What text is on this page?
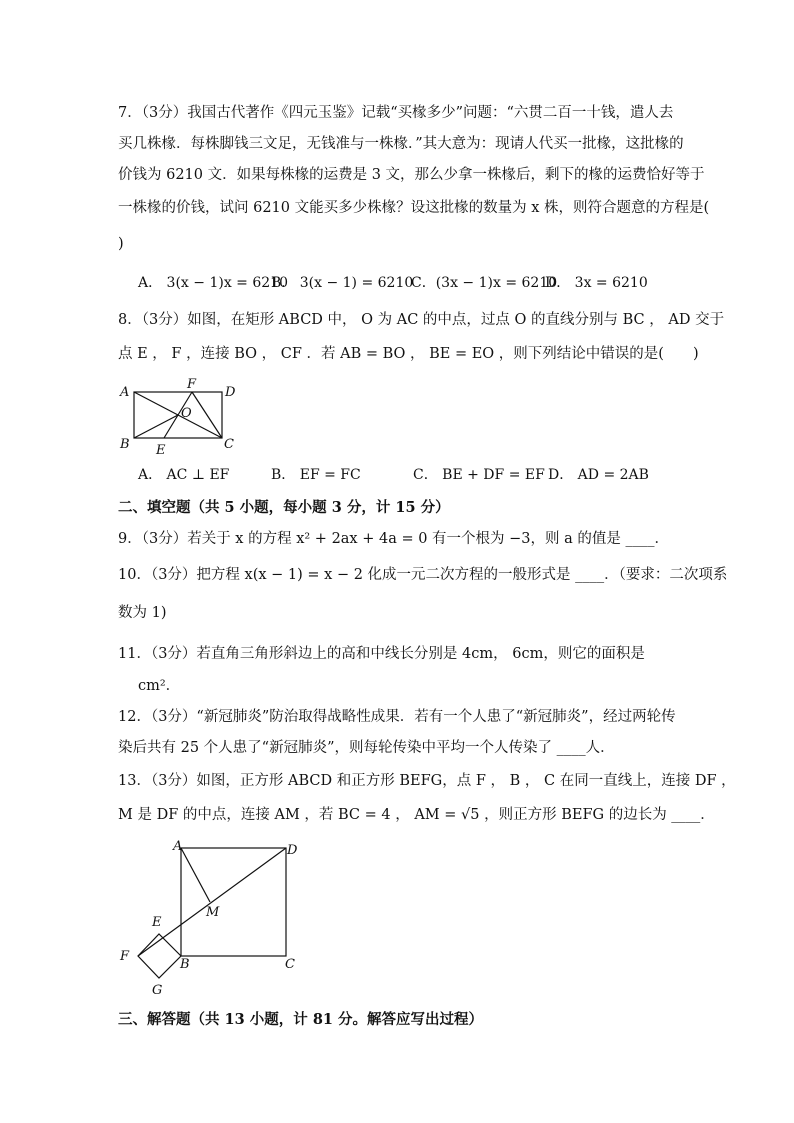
7．（3分）我国古代著作《四元玉鉴》记载“买椽多少”问题：“六贯二百一十钱，遣人去
买几株椽．每株脚钱三文足，无钱准与一株椽．”其大意为：现请人代买一批椽，这批椽的
价钱为 6210 文．如果每株椽的运费是 3 文，那么少拿一株椽后，剩下的椽的运费恰好等于
一株椽的价钱，试问 6210 文能买多少株椽？设这批椽的数量为 x 株，则符合题意的方程是(
)
A． 3(x − 1)x = 6210
B． 3(x − 1) = 6210
C．(3x − 1)x = 6210
D． 3x = 6210
8．（3分）如图，在矩形 ABCD 中， O 为 AC 的中点，过点 O 的直线分别与 BC ， AD 交于
点 E ， F ，连接 BO ， CF ．若 AB = BO ， BE = EO ，则下列结论中错误的是(　　)
A
F
D
O
B E	C
A． AC ⊥ EF	B． EF = FC	C． BE + DF = EF D． AD = 2AB
二、填空题（共 5 小题，每小题 3 分，计 15 分）
9．（3分）若关于 x 的方程 x² + 2ax + 4a = 0 有一个根为 −3，则 a 的值是 ____．
10．（3分）把方程 x(x − 1) = x − 2 化成一元二次方程的一般形式是 ____．（要求：二次项系
数为 1)
11．（3分）若直角三角形斜边上的高和中线长分别是 4cm， 6cm，则它的面积是
cm²．
12．（3分）“新冠肺炎”防治取得战略性成果．若有一个人患了“新冠肺炎”，经过两轮传
染后共有 25 个人患了“新冠肺炎”，则每轮传染中平均一个人传染了 ____人．
13．（3分）如图，正方形 ABCD 和正方形 BEFG，点 F ， B ， C 在同一直线上，连接 DF ，
M 是 DF 的中点，连接 AM ，若 BC = 4 ， AM = √5 ，则正方形 BEFG 的边长为 ____．
A	D
M
E
F
B	C
G
三、解答题（共 13 小题，计 81 分。解答应写出过程）
